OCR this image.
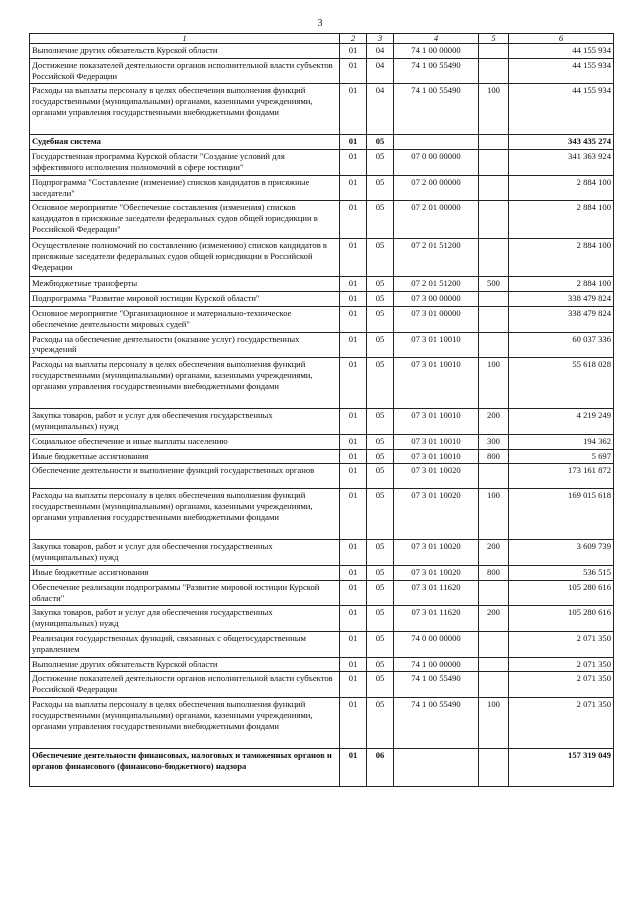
3
1	2	3	4	5	6
Выполнение других обязательств Курской области	01	04	74 1 00 00000		44 155 934
Достижение показателей деятельности органов исполнительной власти субъектов Российской Федерации	01	04	74 1 00 55490		44 155 934
Расходы на выплаты персоналу в целях обеспечения выполнения функций государственными (муниципальными) органами, казенными учреждениями, органами управления государственными внебюджетными фондами	01	04	74 1 00 55490	100	44 155 934
Судебная система	01	05			343 435 274
Государственная программа Курской области "Создание условий для эффективного исполнения полномочий в сфере юстиции"	01	05	07 0 00 00000		341 363 924
Подпрограмма "Составление (изменение) списков кандидатов в присяжные заседатели"	01	05	07 2 00 00000		2 884 100
Основное мероприятие "Обеспечение составления (изменения) списков кандидатов в присяжные заседатели федеральных судов общей юрисдикции в Российской Федерации"	01	05	07 2 01 00000		2 884 100
Осуществление полномочий по составлению (изменению) списков кандидатов в присяжные заседатели федеральных судов общей юрисдикции в Российской Федерации	01	05	07 2 01 51200		2 884 100
Межбюджетные трансферты	01	05	07 2 01 51200	500	2 884 100
Подпрограмма "Развитие мировой юстиции Курской области"	01	05	07 3 00 00000		338 479 824
Основное мероприятие "Организационное и материально-техническое обеспечение деятельности мировых судей"	01	05	07 3 01 00000		338 479 824
Расходы на обеспечение деятельности (оказание услуг) государственных учреждений	01	05	07 3 01 10010		60 037 336
Расходы на выплаты персоналу в целях обеспечения выполнения функций государственными (муниципальными) органами, казенными учреждениями, органами управления государственными внебюджетными фондами	01	05	07 3 01 10010	100	55 618 028
Закупка товаров, работ и услуг для обеспечения государственных (муниципальных) нужд	01	05	07 3 01 10010	200	4 219 249
Социальное обеспечение и иные выплаты населению	01	05	07 3 01 10010	300	194 362
Иные бюджетные ассигнования	01	05	07 3 01 10010	800	5 697
Обеспечение деятельности и выполнение функций государственных органов	01	05	07 3 01 10020		173 161 872
Расходы на выплаты персоналу в целях обеспечения выполнения функций государственными (муниципальными) органами, казенными учреждениями, органами управления государственными внебюджетными фондами	01	05	07 3 01 10020	100	169 015 618
Закупка товаров, работ и услуг для обеспечения государственных (муниципальных) нужд	01	05	07 3 01 10020	200	3 609 739
Иные бюджетные ассигнования	01	05	07 3 01 10020	800	536 515
Обеспечение реализации подпрограммы "Развитие мировой юстиции Курской области"	01	05	07 3 01 11620		105 280 616
Закупка товаров, работ и услуг для обеспечения государственных (муниципальных) нужд	01	05	07 3 01 11620	200	105 280 616
Реализация государственных функций, связанных с общегосударственным управлением	01	05	74 0 00 00000		2 071 350
Выполнение других обязательств Курской области	01	05	74 1 00 00000		2 071 350
Достижение показателей деятельности органов исполнительной власти субъектов Российской Федерации	01	05	74 1 00 55490		2 071 350
Расходы на выплаты персоналу в целях обеспечения выполнения функций государственными (муниципальными) органами, казенными учреждениями, органами управления государственными внебюджетными фондами	01	05	74 1 00 55490	100	2 071 350
Обеспечение деятельности финансовых, налоговых и таможенных органов и органов финансового (финансово-бюджетного) надзора	01	06			157 319 049
